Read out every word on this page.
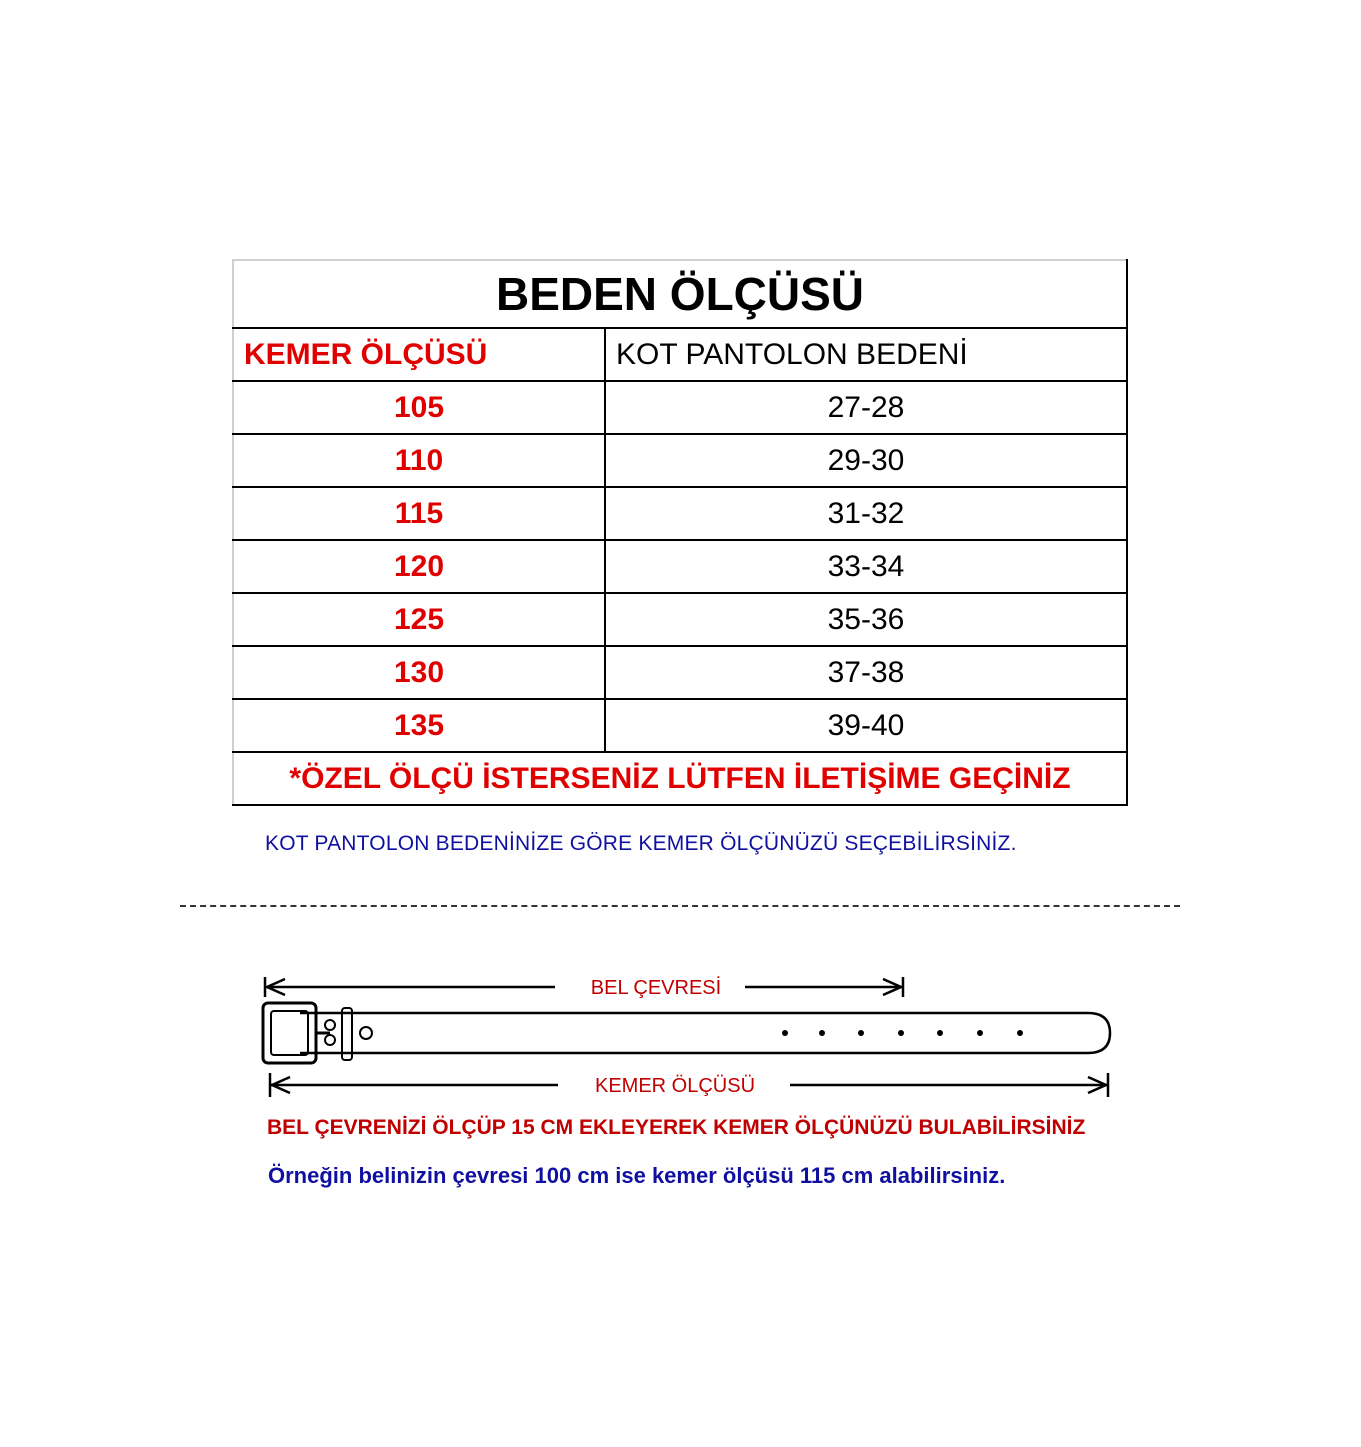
BEDEN ÖLÇÜSÜ	
KEMER ÖLÇÜSÜ	KOT PANTOLON BEDENİ
105	27-28
110	29-30
115	31-32
120	33-34
125	35-36
130	37-38
135	39-40
*ÖZEL ÖLÇÜ İSTERSENİZ LÜTFEN İLETİŞİME GEÇİNİZ	
KOT PANTOLON BEDENİNİZE GÖRE KEMER ÖLÇÜNÜZÜ SEÇEBİLİRSİNİZ.
BEL ÇEVRESİ
KEMER ÖLÇÜSÜ
BEL ÇEVRENİZİ ÖLÇÜP 15 CM EKLEYEREK KEMER ÖLÇÜNÜZÜ BULABİLİRSİNİZ
Örneğin belinizin çevresi 100 cm ise kemer ölçüsü 115 cm alabilirsiniz.
